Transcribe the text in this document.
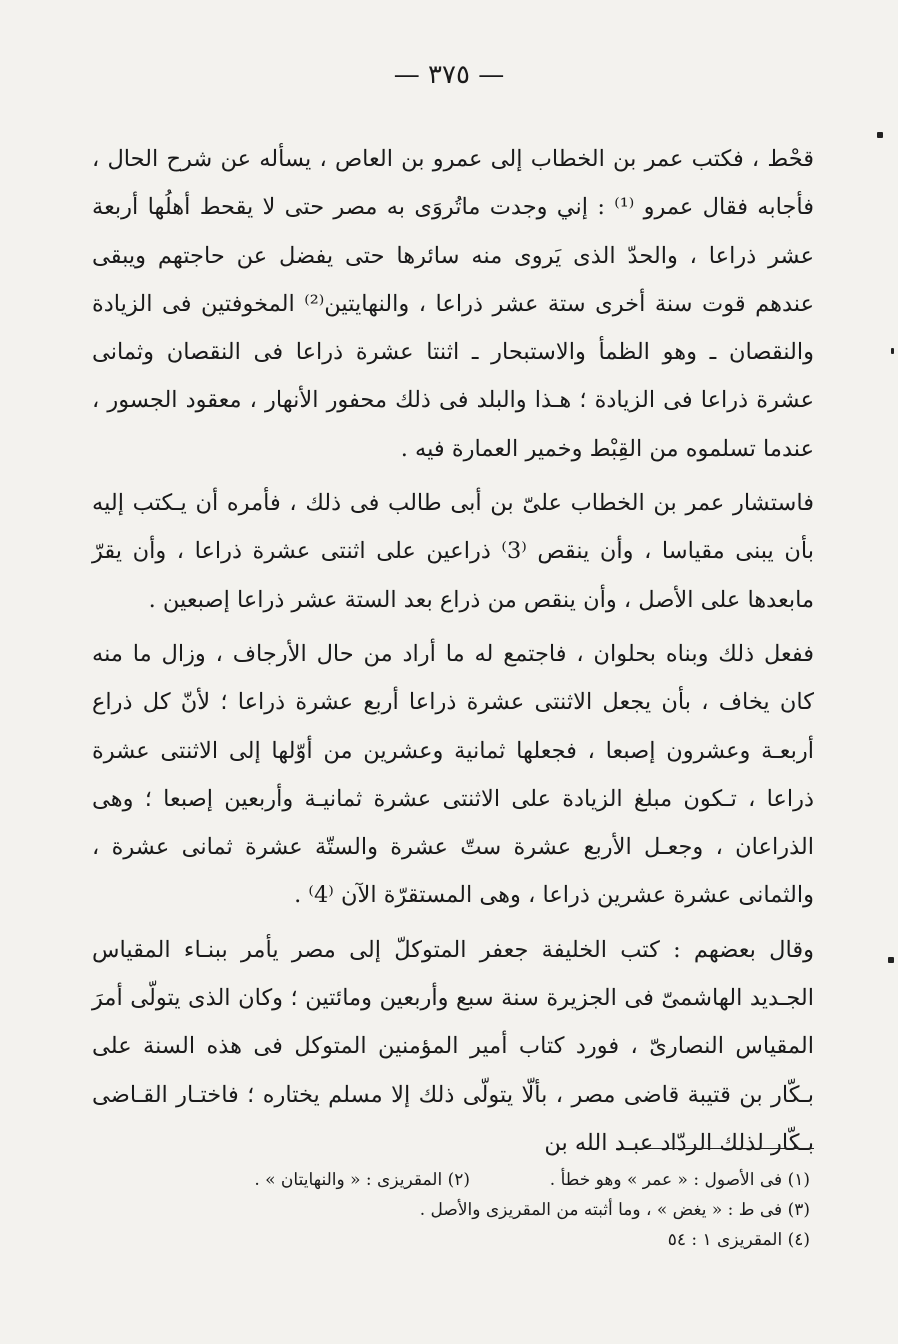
— ٣٧٥ —

قحْط ، فكتب عمر بن الخطاب إلى عمرو بن العاص ، يسأله عن شرح الحال ، فأجابه فقال عمرو ⁽¹⁾ : إني وجدت ماتُروَى به مصر حتى لا يقحط أهلُها أربعة عشر ذراعا ، والحدّ الذى يَروى منه سائرها حتى يفضل عن حاجتهم ويبقى عندهم قوت سنة أخرى ستة عشر ذراعا ، والنهايتين⁽²⁾ المخوفتين فى الزيادة والنقصان ـ وهو الظمأ والاستبحار ـ اثنتا عشرة ذراعا فى النقصان وثمانى عشرة ذراعا فى الزيادة ؛ هـذا والبلد فى ذلك محفور الأنهار ، معقود الجسور ، عندما تسلموه من القِبْط وخمير العمارة فيه .

فاستشار عمر بن الخطاب علىّ بن أبى طالب فى ذلك ، فأمره أن يـكتب إليه بأن يبنى مقياسا ، وأن ينقص ⁽3⁾ ذراعين على اثنتى عشرة ذراعا ، وأن يقرّ مابعدها على الأصل ، وأن ينقص من ذراع بعد الستة عشر ذراعا إصبعين .

ففعل ذلك وبناه بحلوان ، فاجتمع له ما أراد من حال الأرجاف ، وزال ما منه كان يخاف ، بأن يجعل الاثنتى عشرة ذراعا أربع عشرة ذراعا ؛ لأنّ كل ذراع أربعـة وعشرون إصبعا ، فجعلها ثمانية وعشرين من أوّلها إلى الاثنتى عشرة ذراعا ، تـكون مبلغ الزيادة على الاثنتى عشرة ثمانيـة وأربعين إصبعا ؛ وهى الذراعان ، وجعـل الأربع عشرة ستّ عشرة والستّة عشرة ثمانى عشرة ، والثمانى عشرة عشرين ذراعا ، وهى المستقرّة الآن ⁽4⁾ .

وقال بعضهم : كتب الخليفة جعفر المتوكلّ إلى مصر يأمر ببنـاء المقياس الجـديد الهاشمىّ فى الجزيرة سنة سبع وأربعين ومائتين ؛ وكان الذى يتولّى أمرَ المقياس النصارىّ ، فورد كتاب أمير المؤمنين المتوكل فى هذه السنة على بـكّار بن قتيبة قاضى مصر ، بألّا يتولّى ذلك إلا مسلم يختاره ؛ فاختـار القـاضى بـكّار لذلك الردّاد عبـد الله بن

(١) فى الأصول : « عمر » وهو خطأ .
(٢) المقريزى : « والنهايتان » .
(٣) فى ط : « يغض » ، وما أثبته من المقريزى والأصل .
(٤) المقريزى ١ : ٥٤
